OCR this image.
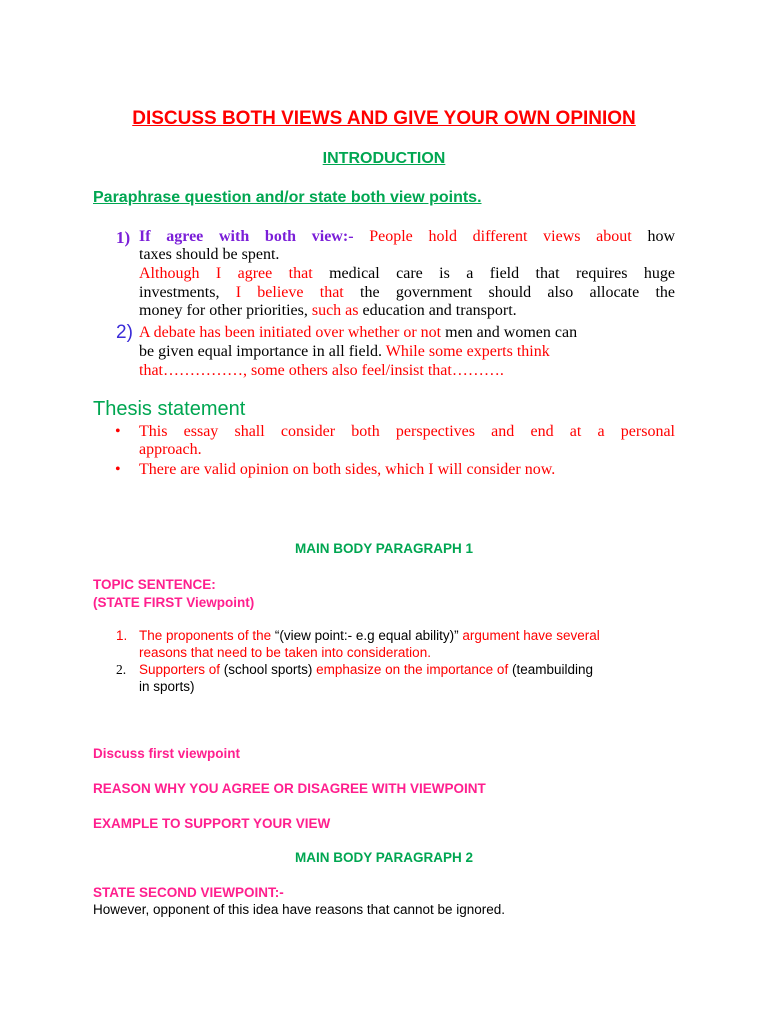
DISCUSS BOTH VIEWS AND GIVE YOUR OWN OPINION
INTRODUCTION
Paraphrase question and/or state both view points.
1) If agree with both view:- People hold different views about how
taxes should be spent.
Although I agree that medical care is a field that requires huge
investments, I believe that the government should also allocate the
money for other priorities, such as education and transport.
2) A debate has been initiated over whether or not men and women can
be given equal importance in all field. While some experts think
that……………, some others also feel/insist that……….
Thesis statement
• This essay shall consider both perspectives and end at a personal
approach.
• There are valid opinion on both sides, which I will consider now.
MAIN BODY PARAGRAPH 1
TOPIC SENTENCE:
(STATE FIRST Viewpoint)
1. The proponents of the “(view point:- e.g equal ability)” argument have several
reasons that need to be taken into consideration.
2. Supporters of (school sports) emphasize on the importance of (teambuilding
in sports)
Discuss first viewpoint
REASON WHY YOU AGREE OR DISAGREE WITH VIEWPOINT
EXAMPLE TO SUPPORT YOUR VIEW
MAIN BODY PARAGRAPH 2
STATE SECOND VIEWPOINT:-
However, opponent of this idea have reasons that cannot be ignored.
